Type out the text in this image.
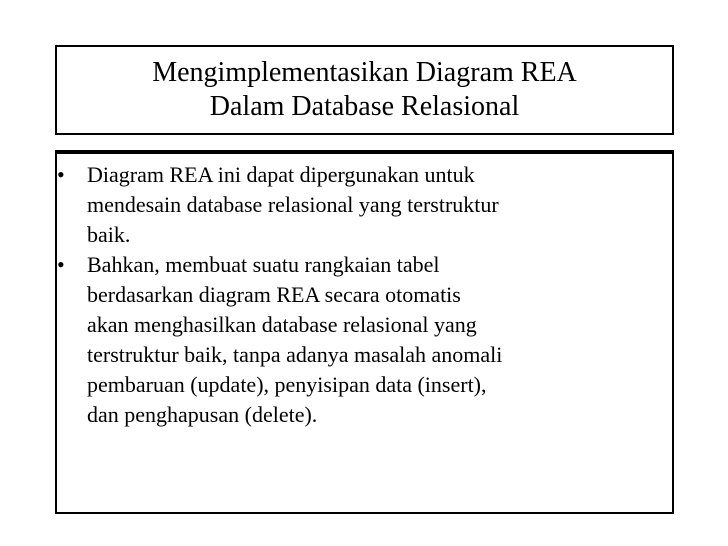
Mengimplementasikan Diagram REA
Dalam Database Relasional
• Diagram REA ini dapat dipergunakan untuk
mendesain database relasional yang terstruktur
baik.
• Bahkan, membuat suatu rangkaian tabel
berdasarkan diagram REA secara otomatis
akan menghasilkan database relasional yang
terstruktur baik, tanpa adanya masalah anomali
pembaruan (update), penyisipan data (insert),
dan penghapusan (delete).
